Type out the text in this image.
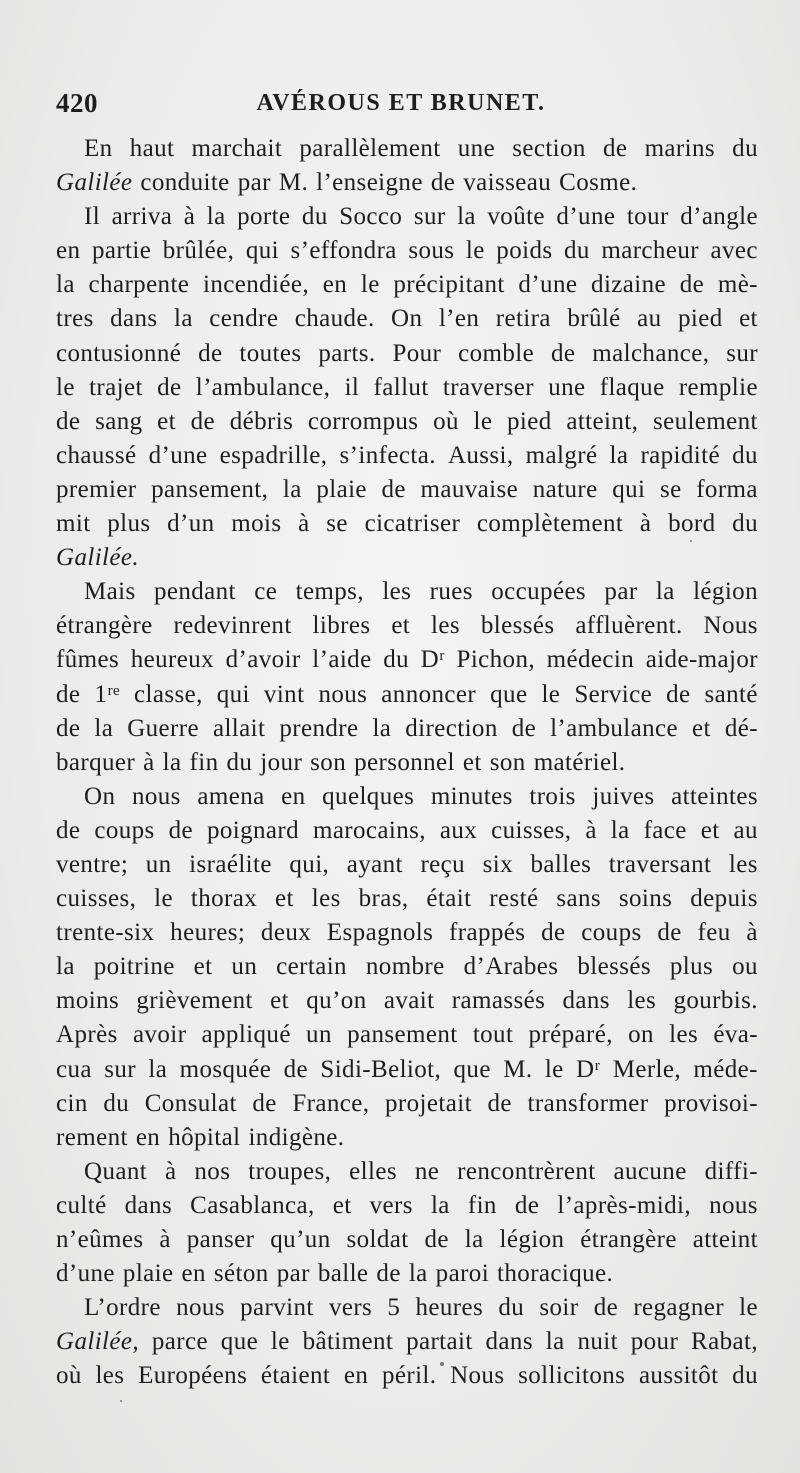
420	AVÉROUS ET BRUNET.
En haut marchait parallèlement une section de marins du
Galilée conduite par M. l’enseigne de vaisseau Cosme.
Il arriva à la porte du Socco sur la voûte d’une tour d’angle
en partie brûlée, qui s’effondra sous le poids du marcheur avec
la charpente incendiée, en le précipitant d’une dizaine de mè-
tres dans la cendre chaude. On l’en retira brûlé au pied et
contusionné de toutes parts. Pour comble de malchance, sur
le trajet de l’ambulance, il fallut traverser une flaque remplie
de sang et de débris corrompus où le pied atteint, seulement
chaussé d’une espadrille, s’infecta. Aussi, malgré la rapidité du
premier pansement, la plaie de mauvaise nature qui se forma
mit plus d’un mois à se cicatriser complètement à bord du
Galilée.
Mais pendant ce temps, les rues occupées par la légion
étrangère redevinrent libres et les blessés affluèrent. Nous
fûmes heureux d’avoir l’aide du Dʳ Pichon, médecin aide-major
de 1ʳᵉ classe, qui vint nous annoncer que le Service de santé
de la Guerre allait prendre la direction de l’ambulance et dé-
barquer à la fin du jour son personnel et son matériel.
On nous amena en quelques minutes trois juives atteintes
de coups de poignard marocains, aux cuisses, à la face et au
ventre; un israélite qui, ayant reçu six balles traversant les
cuisses, le thorax et les bras, était resté sans soins depuis
trente-six heures; deux Espagnols frappés de coups de feu à
la poitrine et un certain nombre d’Arabes blessés plus ou
moins grièvement et qu’on avait ramassés dans les gourbis.
Après avoir appliqué un pansement tout préparé, on les éva-
cua sur la mosquée de Sidi-Beliot, que M. le Dʳ Merle, méde-
cin du Consulat de France, projetait de transformer provisoi-
rement en hôpital indigène.
Quant à nos troupes, elles ne rencontrèrent aucune diffi-
culté dans Casablanca, et vers la fin de l’après-midi, nous
n’eûmes à panser qu’un soldat de la légion étrangère atteint
d’une plaie en séton par balle de la paroi thoracique.
L’ordre nous parvint vers 5 heures du soir de regagner le
Galilée, parce que le bâtiment partait dans la nuit pour Rabat,
où les Européens étaient en péril. Nous sollicitons aussitôt du
